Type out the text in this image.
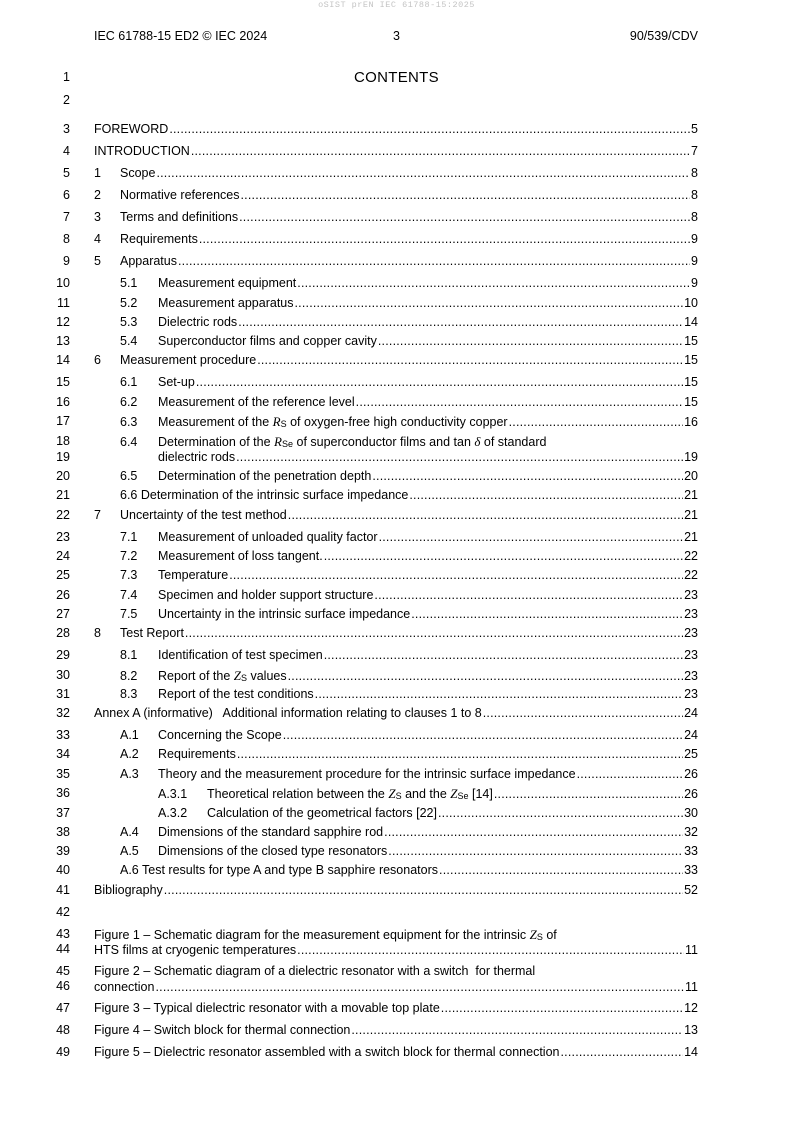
oSIST prEN IEC 61788-15:2025
IEC 61788-15 ED2 © IEC 2024	3	90/539/CDV
CONTENTS
1
2
3
4
5
6
7
8
9
10
11
12
13
14
15
16
17
18
19
20
21
22
23
24
25
26
27
28
29
30
31
32
33
34
35
36
37
38
39
40
41
42
43
44
45
46
47
48
49
FOREWORD .....	5
INTRODUCTION .....	7
1	Scope .....	8
2	Normative references .....	8
3	Terms and definitions .....	8
4	Requirements .....	9
5	Apparatus .....	9
5.1	Measurement equipment .....	9
5.2	Measurement apparatus .....	10
5.3	Dielectric rods .....	14
5.4	Superconductor films and copper cavity .....	15
6	Measurement procedure .....	15
6.1	Set-up .....	15
6.2	Measurement of the reference level .....	15
6.3	Measurement of the RS of oxygen-free high conductivity copper .....	16
6.4	Determination of the RSe of superconductor films and tan δ of standard
dielectric rods .....	19
6.5	Determination of the penetration depth .....	20
6.6 Determination of the intrinsic surface impedance .....	21
7	Uncertainty of the test method .....	21
7.1	Measurement of unloaded quality factor .....	21
7.2	Measurement of loss tangent. .....	22
7.3	Temperature .....	22
7.4	Specimen and holder support structure .....	23
7.5	Uncertainty in the intrinsic surface impedance .....	23
8	Test Report .....	23
8.1	Identification of test specimen .....	23
8.2	Report of the ZS values .....	23
8.3	Report of the test conditions .....	23
Annex A (informative)   Additional information relating to clauses 1 to 8 .....	24
A.1	Concerning the Scope .....	24
A.2	Requirements .....	25
A.3	Theory and the measurement procedure for the intrinsic surface impedance .....	26
A.3.1	Theoretical relation between the ZS and the ZSe [14] .....	26
A.3.2	Calculation of the geometrical factors [22] .....	30
A.4	Dimensions of the standard sapphire rod .....	32
A.5	Dimensions of the closed type resonators .....	33
A.6 Test results for type A and type B sapphire resonators .....	33
Bibliography .....	52
Figure 1 – Schematic diagram for the measurement equipment for the intrinsic ZS of
HTS films at cryogenic temperatures .....	11
Figure 2 – Schematic diagram of a dielectric resonator with a switch  for thermal
connection .....	11
Figure 3 – Typical dielectric resonator with a movable top plate .....	12
Figure 4 – Switch block for thermal connection .....	13
Figure 5 – Dielectric resonator assembled with a switch block for thermal connection .....	14
